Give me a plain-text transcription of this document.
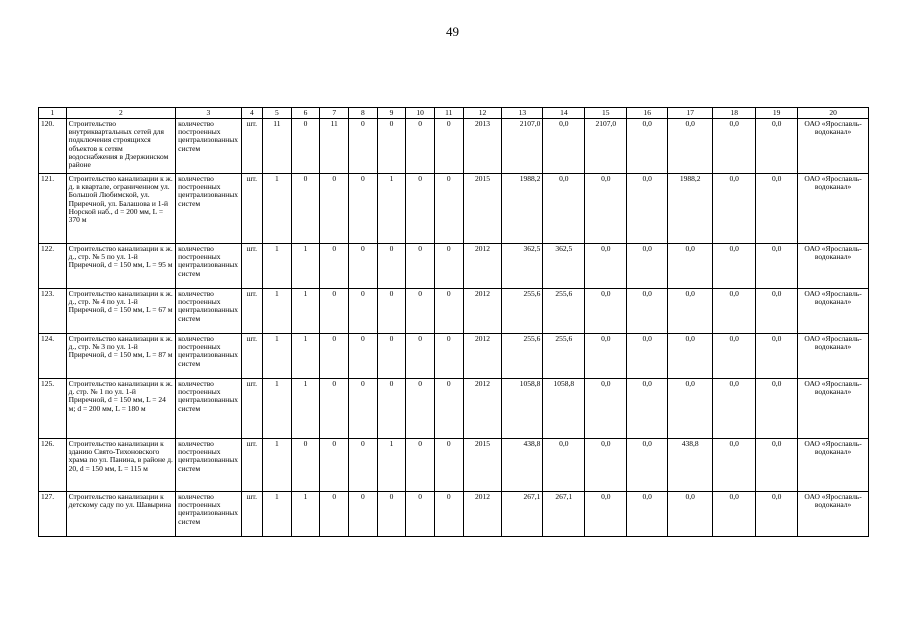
49
1	2	3	4	5	6	7	8	9	10	11	12	13	14	15	16	17	18	19	20
120.	Строительство внутриквартальных сетей для подключения строящихся объектов к сетям водоснабжения в Дзержинском районе	количество построенных централизованных систем	шт.	11	0	11	0	0	0	0	2013	2107,0	0,0	2107,0	0,0	0,0	0,0	0,0	ОАО «Ярославль-водоканал»
121.	Строительство канализации к ж. д. в квартале, ограниченном ул. Большой Любимской, ул. Приречной, ул. Балашова и 1-й Норской наб., d = 200 мм, L = 370 м	количество построенных централизованных систем	шт.	1	0	0	0	1	0	0	2015	1988,2	0,0	0,0	0,0	1988,2	0,0	0,0	ОАО «Ярославль-водоканал»
122.	Строительство канализации к ж. д., стр. № 5 по ул. 1-й Приречной, d = 150 мм, L = 95 м	количество построенных централизованных систем	шт.	1	1	0	0	0	0	0	2012	362,5	362,5	0,0	0,0	0,0	0,0	0,0	ОАО «Ярославль-водоканал»
123.	Строительство канализации к ж. д., стр. № 4 по ул. 1-й Приречной, d = 150 мм, L = 67 м	количество построенных централизованных систем	шт.	1	1	0	0	0	0	0	2012	255,6	255,6	0,0	0,0	0,0	0,0	0,0	ОАО «Ярославль-водоканал»
124.	Строительство канализации к ж. д., стр. № 3 по ул. 1-й Приречной, d = 150 мм, L = 87 м	количество построенных централизованных систем	шт.	1	1	0	0	0	0	0	2012	255,6	255,6	0,0	0,0	0,0	0,0	0,0	ОАО «Ярославль-водоканал»
125.	Строительство канализации к ж. д. стр. № 1 по ул. 1-й Приречной, d = 150 мм, L = 24 м; d = 200 мм, L = 180 м	количество построенных централизованных систем	шт.	1	1	0	0	0	0	0	2012	1058,8	1058,8	0,0	0,0	0,0	0,0	0,0	ОАО «Ярославль-водоканал»
126.	Строительство канализации к зданию Свято-Тихоновского храма по ул. Панина, в районе д. 20, d = 150 мм, L = 115 м	количество построенных централизованных систем	шт.	1	0	0	0	1	0	0	2015	438,8	0,0	0,0	0,0	438,8	0,0	0,0	ОАО «Ярославль-водоканал»
127.	Строительство канализации к детскому саду по ул. Шавырина	количество построенных централизованных систем	шт.	1	1	0	0	0	0	0	2012	267,1	267,1	0,0	0,0	0,0	0,0	0,0	ОАО «Ярославль-водоканал»
